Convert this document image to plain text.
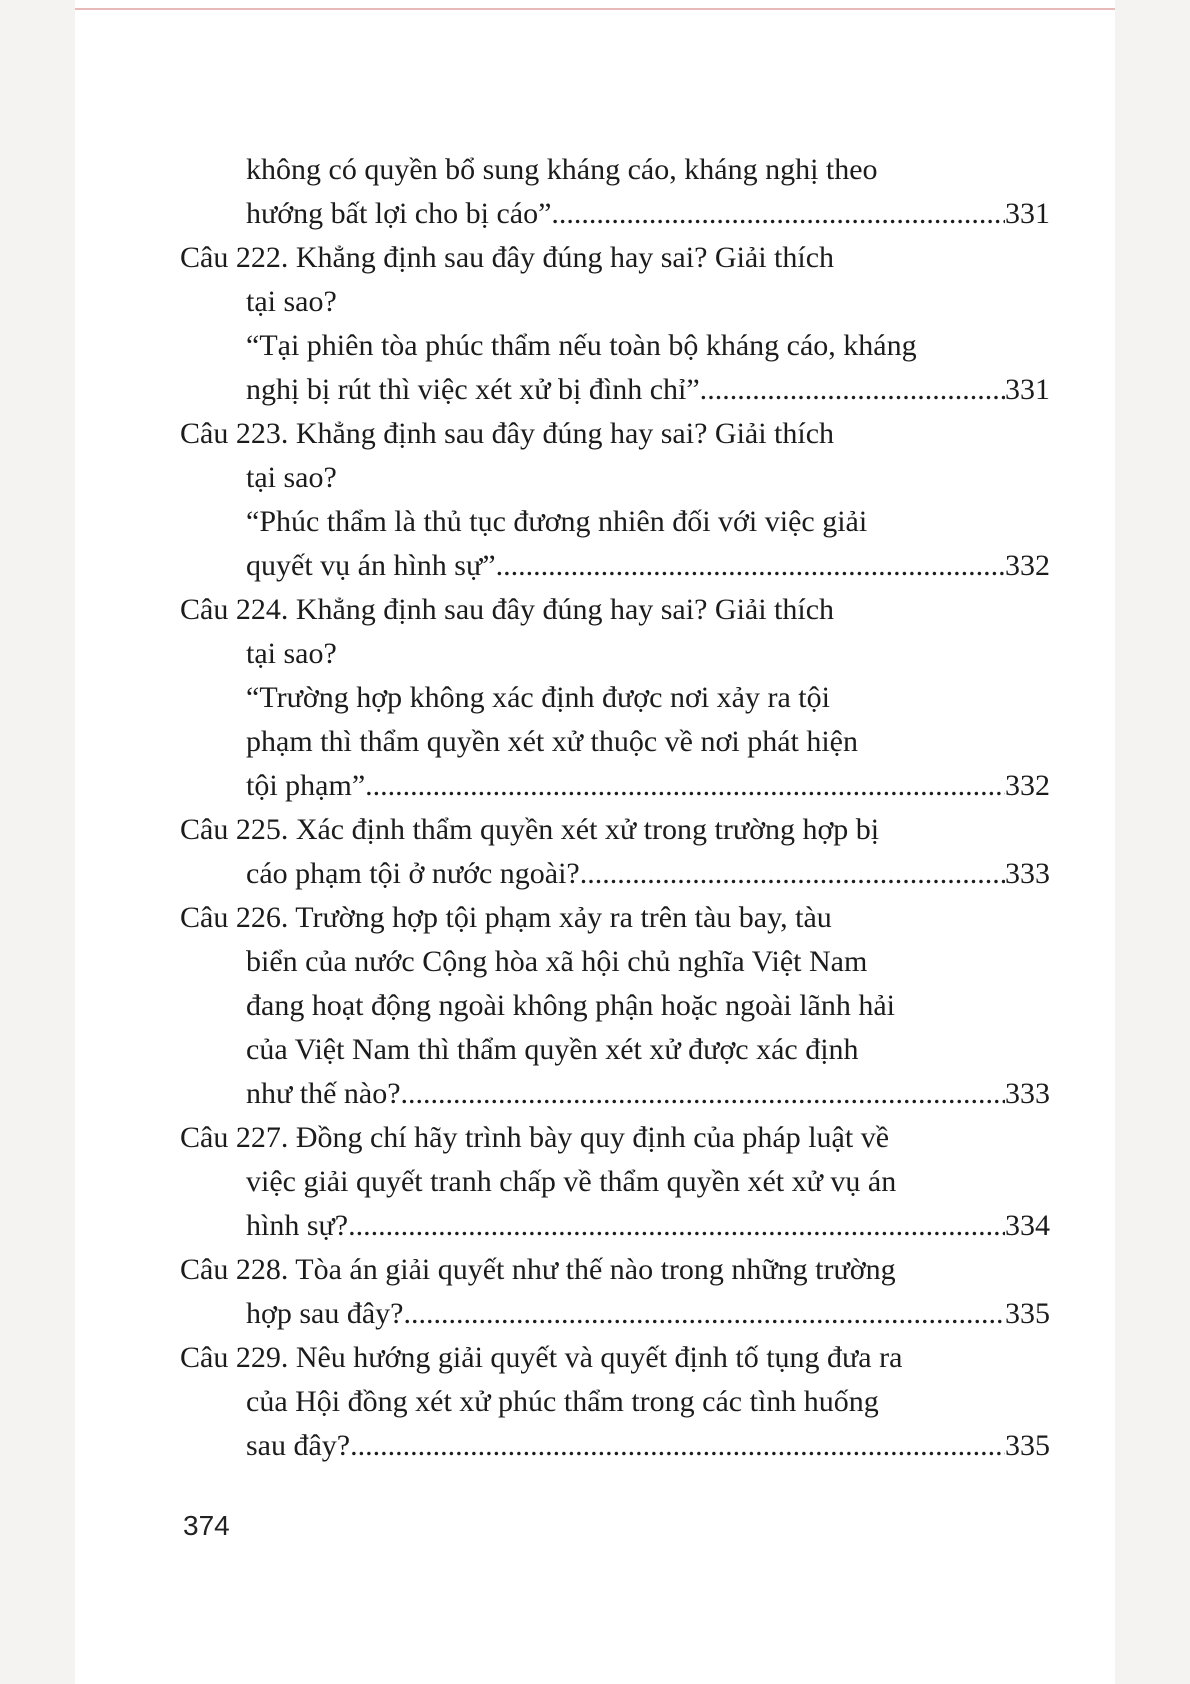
không có quyền bổ sung kháng cáo, kháng nghị theo
hướng bất lợi cho bị cáo”. .....	331
Câu 222. Khẳng định sau đây đúng hay sai? Giải thích
tại sao?
“Tại phiên tòa phúc thẩm nếu toàn bộ kháng cáo, kháng
nghị bị rút thì việc xét xử bị đình chỉ”. .....	331
Câu 223. Khẳng định sau đây đúng hay sai? Giải thích
tại sao?
“Phúc thẩm là thủ tục đương nhiên đối với việc giải
quyết vụ án hình sự” .....	332
Câu 224. Khẳng định sau đây đúng hay sai? Giải thích
tại sao?
“Trường hợp không xác định được nơi xảy ra tội
phạm thì thẩm quyền xét xử thuộc về nơi phát hiện
tội phạm”. .....	332
Câu 225. Xác định thẩm quyền xét xử trong trường hợp bị
cáo phạm tội ở nước ngoài? .....	333
Câu 226. Trường hợp tội phạm xảy ra trên tàu bay, tàu
biển của nước Cộng hòa xã hội chủ nghĩa Việt Nam
đang hoạt động ngoài không phận hoặc ngoài lãnh hải
của Việt Nam thì thẩm quyền xét xử được xác định
như thế nào? .....	333
Câu 227. Đồng chí hãy trình bày quy định của pháp luật về
việc giải quyết tranh chấp về thẩm quyền xét xử vụ án
hình sự? .....	334
Câu 228. Tòa án giải quyết như thế nào trong những trường
hợp sau đây? .....	335
Câu 229. Nêu hướng giải quyết và quyết định tố tụng đưa ra
của Hội đồng xét xử phúc thẩm trong các tình huống
sau đây? .....	335
374
